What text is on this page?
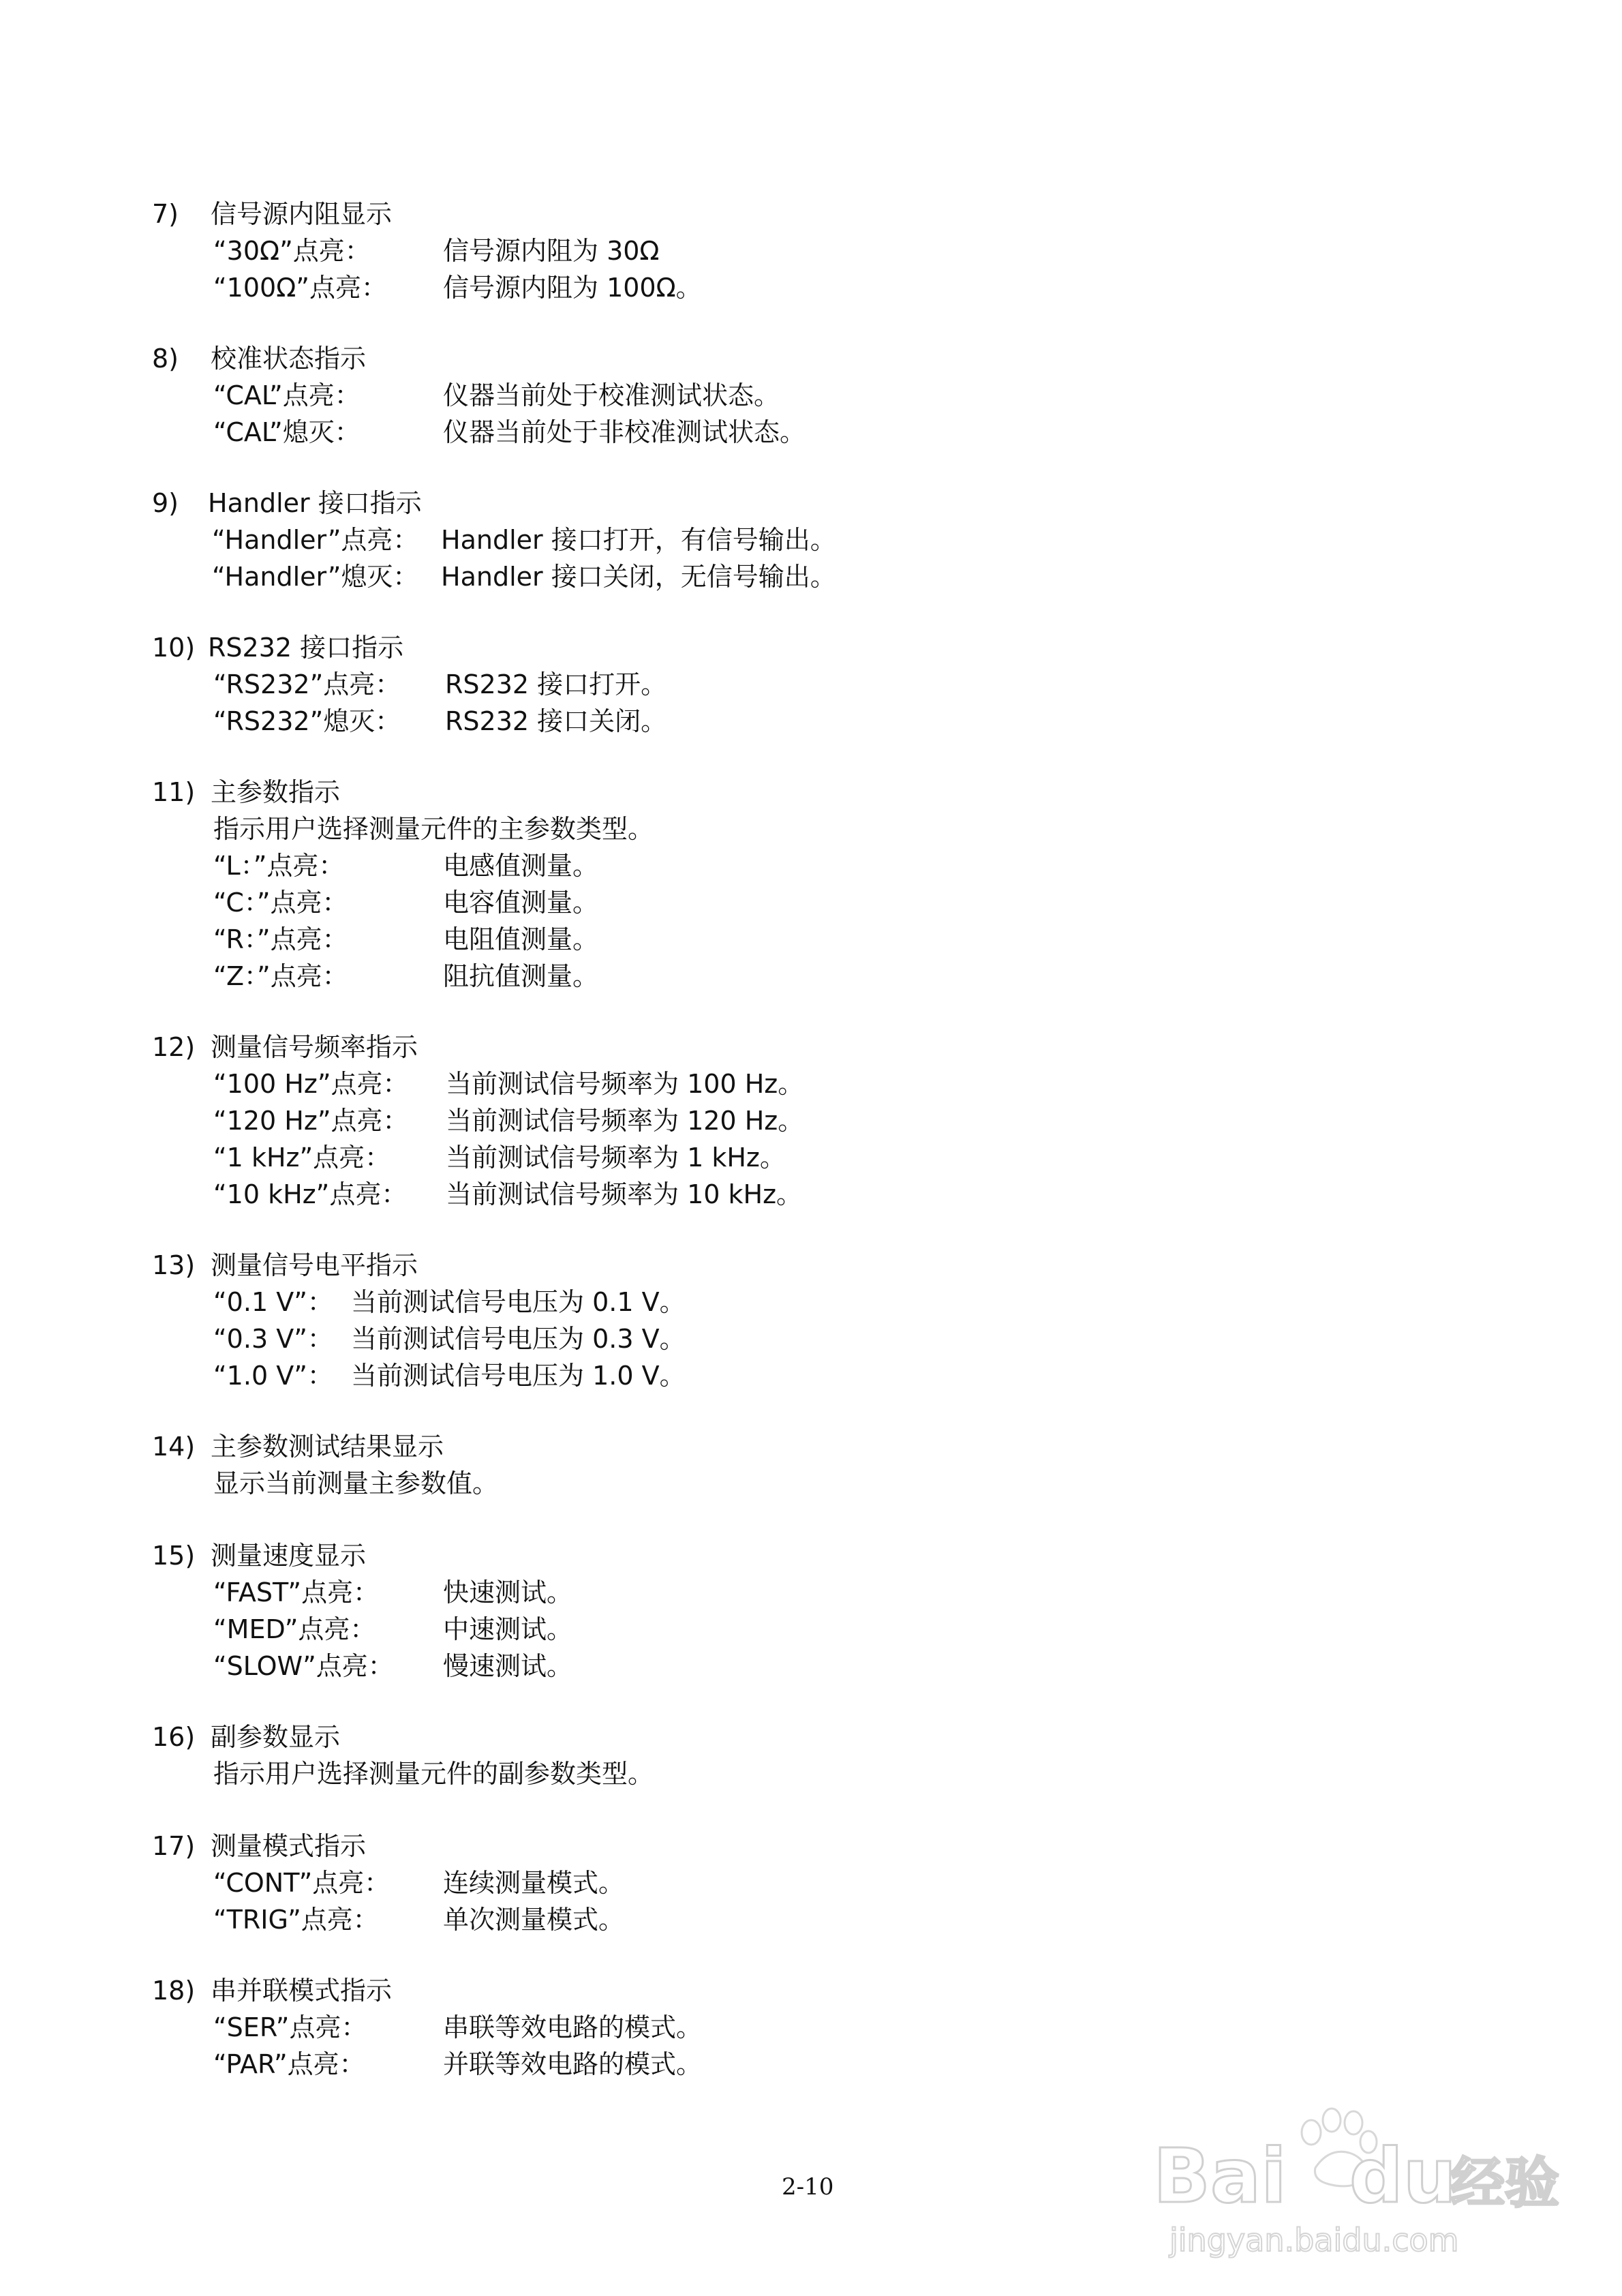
7) 信号源内阻显示
“30Ω”点亮：	信号源内阻为 30Ω
“100Ω”点亮： 信号源内阻为 100Ω。
8) 校准状态指示
“CAL”点亮：	仪器当前处于校准测试状态。
“CAL”熄灭：	仪器当前处于非校准测试状态。
9) Handler 接口指示
“Handler”点亮： Handler 接口打开，有信号输出。
“Handler”熄灭： Handler 接口关闭，无信号输出。
10) RS232 接口指示
“RS232”点亮： RS232 接口打开。
“RS232”熄灭： RS232 接口关闭。
11) 主参数指示
指示用户选择测量元件的主参数类型。
“L：”点亮：	电感值测量。
“C：”点亮：	电容值测量。
“R：”点亮：	电阻值测量。
“Z：”点亮：	阻抗值测量。
12) 测量信号频率指示
“100 Hz”点亮： 当前测试信号频率为 100 Hz。
“120 Hz”点亮： 当前测试信号频率为 120 Hz。
“1 kHz”点亮： 当前测试信号频率为 1 kHz。
“10 kHz”点亮： 当前测试信号频率为 10 kHz。
13) 测量信号电平指示
“0.1 V”： 当前测试信号电压为 0.1 V。
“0.3 V”： 当前测试信号电压为 0.3 V。
“1.0 V”： 当前测试信号电压为 1.0 V。
14) 主参数测试结果显示
显示当前测量主参数值。
15) 测量速度显示
“FAST”点亮： 快速测试。
“MED”点亮：	中速测试。
“SLOW”点亮： 慢速测试。
16) 副参数显示
指示用户选择测量元件的副参数类型。
17) 测量模式指示
“CONT”点亮： 连续测量模式。
“TRIG”点亮： 单次测量模式。
18) 串并联模式指示
“SER”点亮：	串联等效电路的模式。
“PAR”点亮：	并联等效电路的模式。
2-10	Bai du
经验
jingyan.baidu.com
